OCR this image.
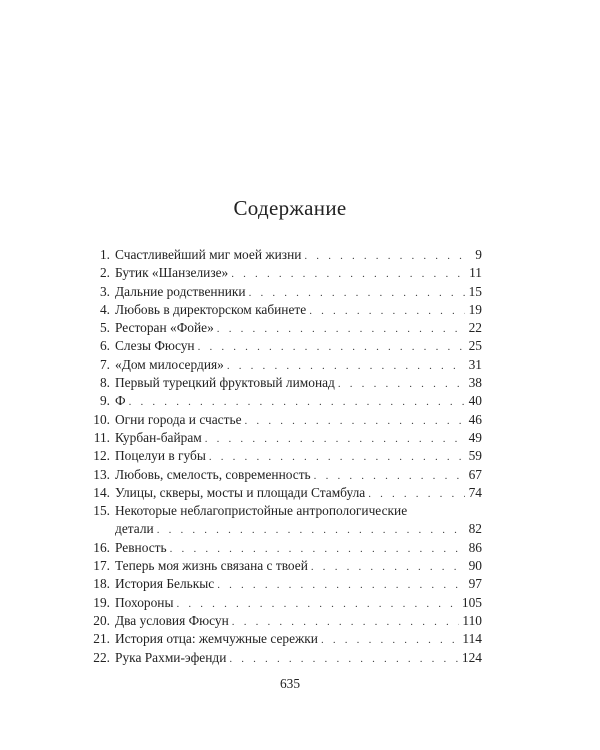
Содержание
1. Счастливейший миг моей жизни . . .	9
2. Бутик «Шанзелизе» . . .	11
3. Дальние родственники . . .	15
4. Любовь в директорском кабинете . . .	19
5. Ресторан «Фойе» . . .	22
6. Слезы Фюсун . . .	25
7. «Дом милосердия» . . .	31
8. Первый турецкий фруктовый лимонад . . .	38
9. Ф . . .	40
10. Огни города и счастье . . .	46
11. Курбан-байрам . . .	49
12. Поцелуи в губы . . .	59
13. Любовь, смелость, современность . . .	67
14. Улицы, скверы, мосты и площади Стамбула . . .	74
15. Некоторые неблагопристойные антропологические
детали . . .	82
16. Ревность . . .	86
17. Теперь моя жизнь связана с твоей . . .	90
18. История Белькыс . . .	97
19. Похороны . . .	105
20. Два условия Фюсун . . .	110
21. История отца: жемчужные сережки . . .	114
22. Рука Рахми-эфенди . . .	124
635
